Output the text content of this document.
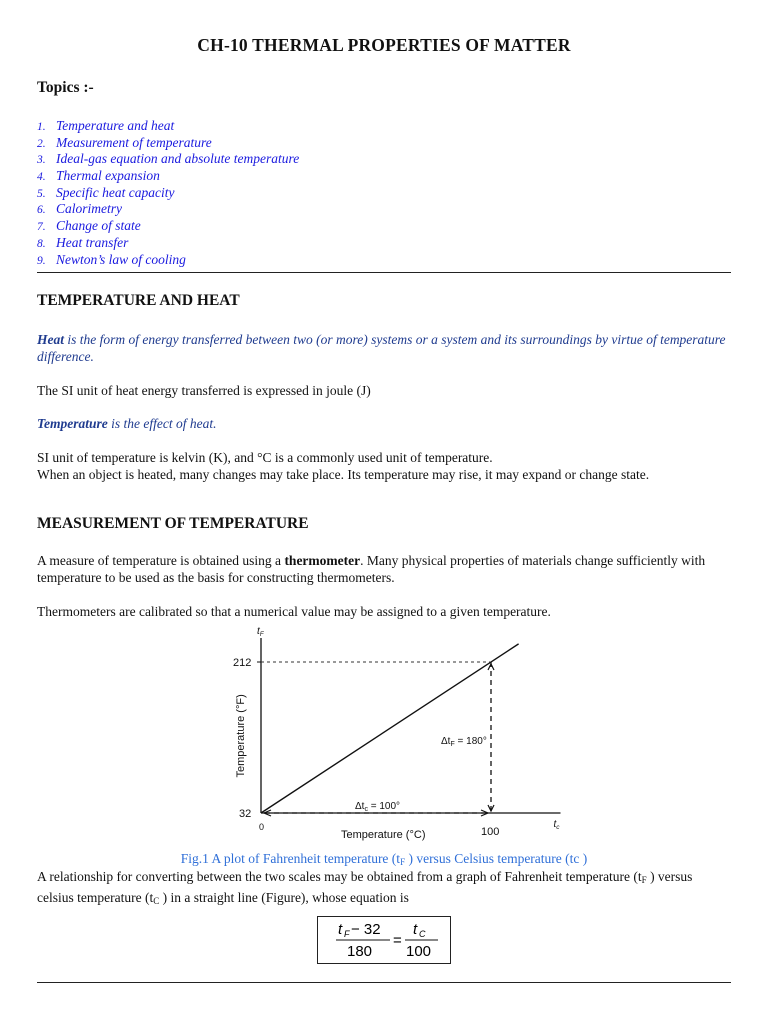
CH-10 THERMAL PROPERTIES OF MATTER
Topics :-
1. Temperature and heat
2. Measurement of temperature
3. Ideal-gas equation and absolute temperature
4. Thermal expansion
5. Specific heat capacity
6. Calorimetry
7. Change of state
8. Heat transfer
9. Newton’s law of cooling
TEMPERATURE AND HEAT
Heat is the form of energy transferred between two (or more) systems or a system and its surroundings by virtue of temperature difference.
The SI unit of heat energy transferred is expressed in joule (J)
Temperature is the effect of heat.
SI unit of temperature is kelvin (K), and °C is a commonly used unit of temperature.
When an object is heated, many changes may take place. Its temperature may rise, it may expand or change state.
MEASUREMENT OF TEMPERATURE
A measure of temperature is obtained using a thermometer. Many physical properties of materials change sufficiently with temperature to be used as the basis for constructing thermometers.
Thermometers are calibrated so that a numerical value may be assigned to a given temperature.
212
32
0	100
Temperature (°C)
Temperature (°F)
$t_F$
$t_c$
$\Delta t_c = 100^\circ$
$\Delta t_F = 180^\circ$
Fig.1 A plot of Fahrenheit temperature ($t_F$ ) versus Celsius temperature (tc )
A relationship for converting between the two scales may be obtained from a graph of Fahrenheit temperature ($t_F$ ) versus celsius temperature ($t_C$ ) in a straight line (Figure), whose equation is
t F − 32
180
=
t C
100
